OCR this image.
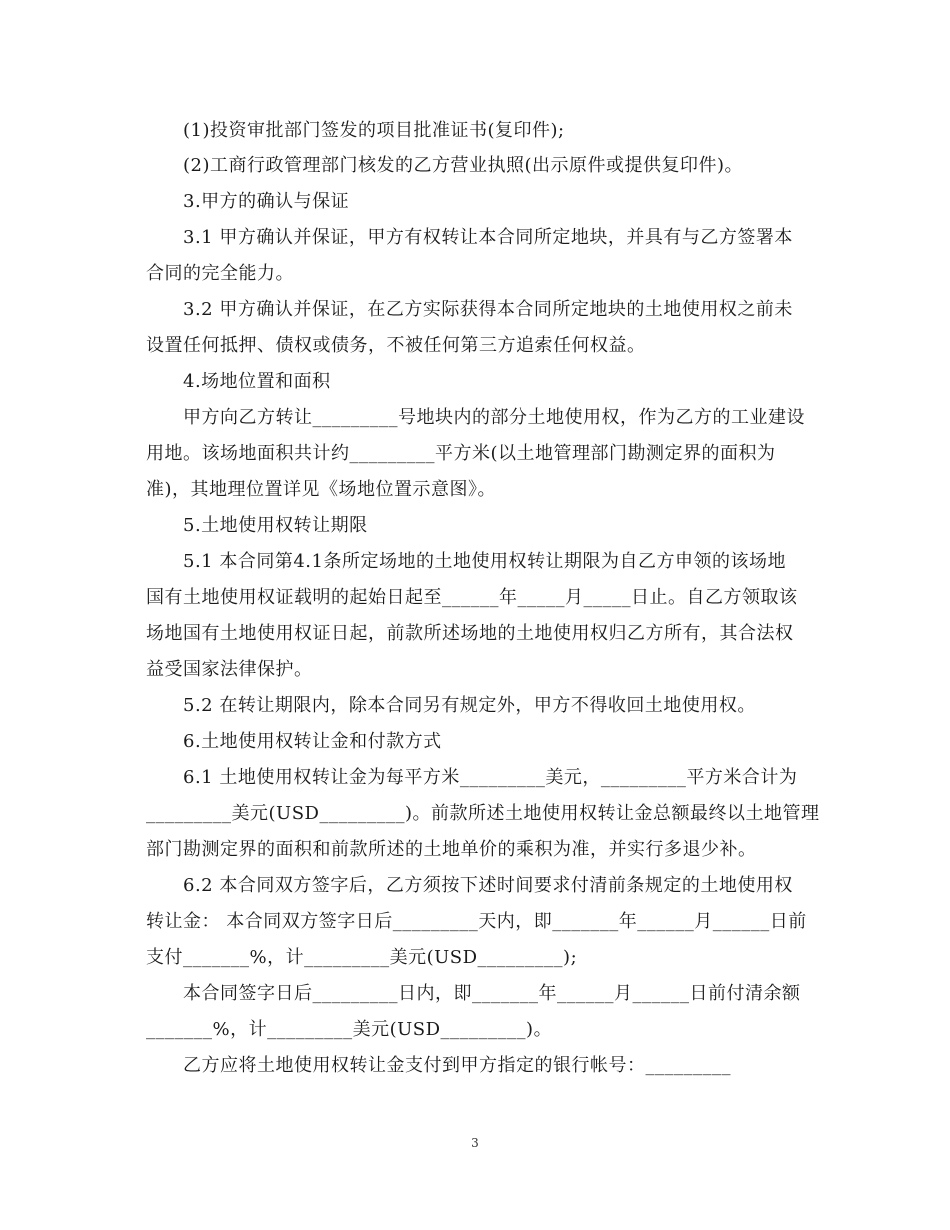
(1)投资审批部门签发的项目批准证书(复印件);
(2)工商行政管理部门核发的乙方营业执照(出示原件或提供复印件)。
3.甲方的确认与保证
3.1 甲方确认并保证，甲方有权转让本合同所定地块，并具有与乙方签署本
合同的完全能力。
3.2 甲方确认并保证，在乙方实际获得本合同所定地块的土地使用权之前未
设置任何抵押、债权或债务，不被任何第三方追索任何权益。
4.场地位置和面积
甲方向乙方转让_________号地块内的部分土地使用权，作为乙方的工业建设
用地。该场地面积共计约_________平方米(以土地管理部门勘测定界的面积为
准)，其地理位置详见《场地位置示意图》。
5.土地使用权转让期限
5.1 本合同第4.1条所定场地的土地使用权转让期限为自乙方申领的该场地
国有土地使用权证载明的起始日起至______年_____月_____日止。自乙方领取该
场地国有土地使用权证日起，前款所述场地的土地使用权归乙方所有，其合法权
益受国家法律保护。
5.2 在转让期限内，除本合同另有规定外，甲方不得收回土地使用权。
6.土地使用权转让金和付款方式
6.1 土地使用权转让金为每平方米_________美元，_________平方米合计为
_________美元(USD_________)。前款所述土地使用权转让金总额最终以土地管理
部门勘测定界的面积和前款所述的土地单价的乘积为准，并实行多退少补。
6.2 本合同双方签字后，乙方须按下述时间要求付清前条规定的土地使用权
转让金： 本合同双方签字日后_________天内，即_______年______月______日前
支付_______%，计_________美元(USD_________);
本合同签字日后_________日内，即_______年______月______日前付清余额
_______%，计_________美元(USD_________)。
乙方应将土地使用权转让金支付到甲方指定的银行帐号：_________
3
